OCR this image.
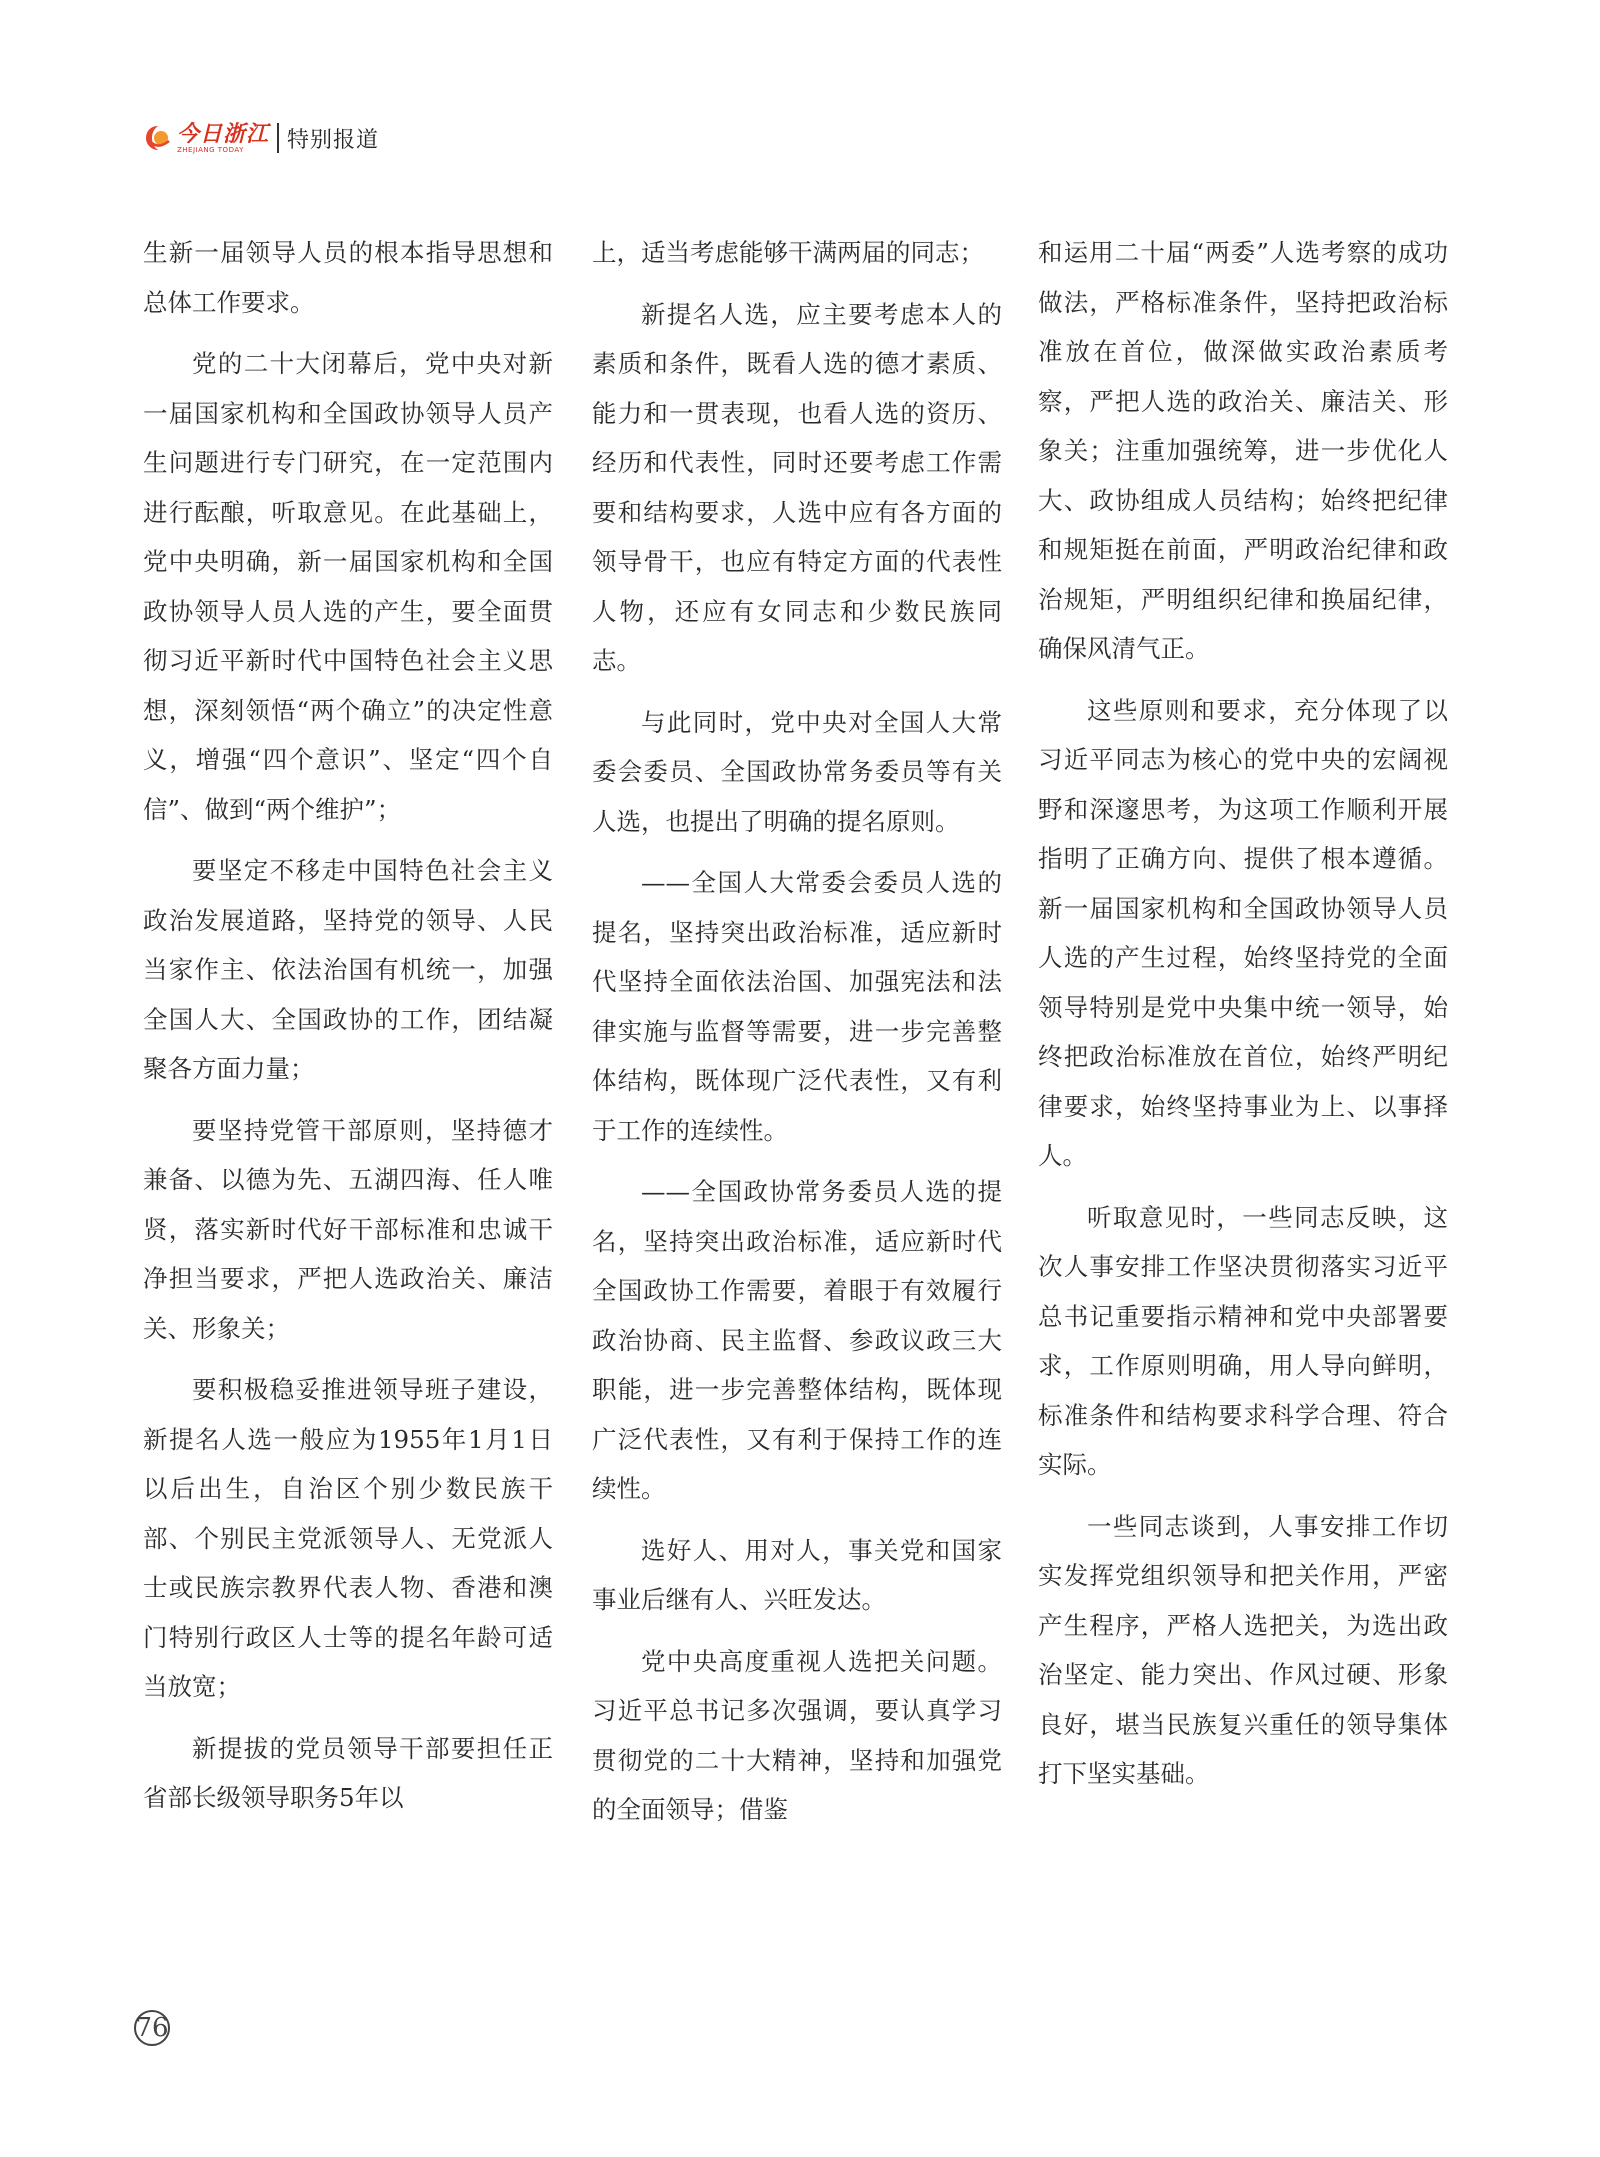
今日浙江
ZHEJIANG TODAY	特别报道

生新一届领导人员的根本指导思想和总体工作要求。

党的二十大闭幕后，党中央对新一届国家机构和全国政协领导人员产生问题进行专门研究，在一定范围内进行酝酿，听取意见。在此基础上，党中央明确，新一届国家机构和全国政协领导人员人选的产生，要全面贯彻习近平新时代中国特色社会主义思想，深刻领悟“两个确立”的决定性意义，增强“四个意识”、坚定“四个自信”、做到“两个维护”；

要坚定不移走中国特色社会主义政治发展道路，坚持党的领导、人民当家作主、依法治国有机统一，加强全国人大、全国政协的工作，团结凝聚各方面力量；

要坚持党管干部原则，坚持德才兼备、以德为先、五湖四海、任人唯贤，落实新时代好干部标准和忠诚干净担当要求，严把人选政治关、廉洁关、形象关；

要积极稳妥推进领导班子建设，新提名人选一般应为1955年1月1日以后出生，自治区个别少数民族干部、个别民主党派领导人、无党派人士或民族宗教界代表人物、香港和澳门特别行政区人士等的提名年龄可适当放宽；

新提拔的党员领导干部要担任正省部长级领导职务5年以

上，适当考虑能够干满两届的同志；

新提名人选，应主要考虑本人的素质和条件，既看人选的德才素质、能力和一贯表现，也看人选的资历、经历和代表性，同时还要考虑工作需要和结构要求，人选中应有各方面的领导骨干，也应有特定方面的代表性人物，还应有女同志和少数民族同志。

与此同时，党中央对全国人大常委会委员、全国政协常务委员等有关人选，也提出了明确的提名原则。

——全国人大常委会委员人选的提名，坚持突出政治标准，适应新时代坚持全面依法治国、加强宪法和法律实施与监督等需要，进一步完善整体结构，既体现广泛代表性，又有利于工作的连续性。

——全国政协常务委员人选的提名，坚持突出政治标准，适应新时代全国政协工作需要，着眼于有效履行政治协商、民主监督、参政议政三大职能，进一步完善整体结构，既体现广泛代表性，又有利于保持工作的连续性。

选好人、用对人，事关党和国家事业后继有人、兴旺发达。

党中央高度重视人选把关问题。习近平总书记多次强调，要认真学习贯彻党的二十大精神，坚持和加强党的全面领导；借鉴

和运用二十届“两委”人选考察的成功做法，严格标准条件，坚持把政治标准放在首位，做深做实政治素质考察，严把人选的政治关、廉洁关、形象关；注重加强统筹，进一步优化人大、政协组成人员结构；始终把纪律和规矩挺在前面，严明政治纪律和政治规矩，严明组织纪律和换届纪律，确保风清气正。

这些原则和要求，充分体现了以习近平同志为核心的党中央的宏阔视野和深邃思考，为这项工作顺利开展指明了正确方向、提供了根本遵循。新一届国家机构和全国政协领导人员人选的产生过程，始终坚持党的全面领导特别是党中央集中统一领导，始终把政治标准放在首位，始终严明纪律要求，始终坚持事业为上、以事择人。

听取意见时，一些同志反映，这次人事安排工作坚决贯彻落实习近平总书记重要指示精神和党中央部署要求，工作原则明确，用人导向鲜明，标准条件和结构要求科学合理、符合实际。

一些同志谈到，人事安排工作切实发挥党组织领导和把关作用，严密产生程序，严格人选把关，为选出政治坚定、能力突出、作风过硬、形象良好，堪当民族复兴重任的领导集体打下坚实基础。

76
